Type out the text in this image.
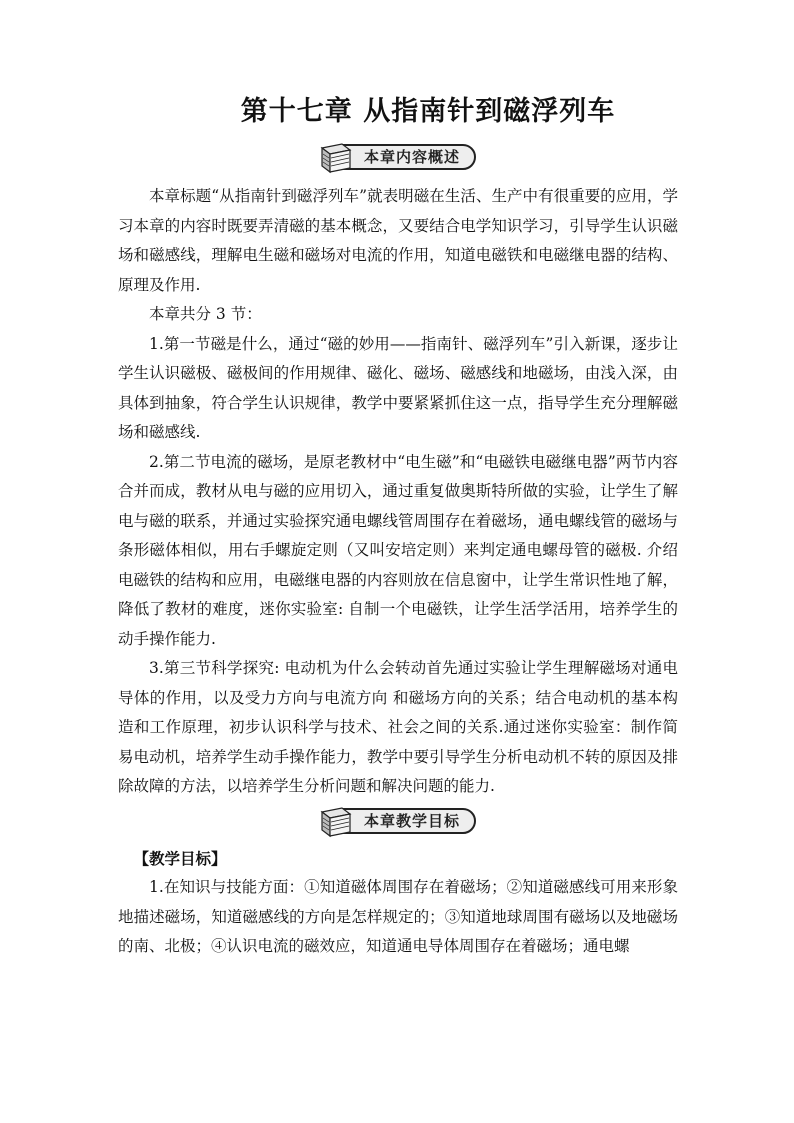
第十七章 从指南针到磁浮列车
本章内容概述

本章标题“从指南针到磁浮列车”就表明磁在生活、生产中有很重要的应用，学习本章的内容时既要弄清磁的基本概念，又要结合电学知识学习，引导学生认识磁场和磁感线，理解电生磁和磁场对电流的作用，知道电磁铁和电磁继电器的结构、原理及作用.

本章共分 3 节：

1.第一节磁是什么，通过“磁的妙用——指南针、磁浮列车”引入新课，逐步让学生认识磁极、磁极间的作用规律、磁化、磁场、磁感线和地磁场，由浅入深，由具体到抽象，符合学生认识规律，教学中要紧紧抓住这一点，指导学生充分理解磁场和磁感线.

2.第二节电流的磁场，是原老教材中“电生磁”和“电磁铁电磁继电器”两节内容合并而成，教材从电与磁的应用切入，通过重复做奥斯特所做的实验，让学生了解电与磁的联系，并通过实验探究通电螺线管周围存在着磁场，通电螺线管的磁场与条形磁体相似，用右手螺旋定则（又叫安培定则）来判定通电螺母管的磁极. 介绍电磁铁的结构和应用，电磁继电器的内容则放在信息窗中，让学生常识性地了解，降低了教材的难度，迷你实验室: 自制一个电磁铁，让学生活学活用，培养学生的动手操作能力.

3.第三节科学探究: 电动机为什么会转动首先通过实验让学生理解磁场对通电导体的作用，以及受力方向与电流方向 和磁场方向的关系；结合电动机的基本构造和工作原理，初步认识科学与技术、社会之间的关系.通过迷你实验室：制作简 易电动机，培养学生动手操作能力，教学中要引导学生分析电动机不转的原因及排除故障的方法，以培养学生分析问题和解决问题的能力.

本章教学目标

【教学目标】

1.在知识与技能方面：①知道磁体周围存在着磁场；②知道磁感线可用来形象地描述磁场，知道磁感线的方向是怎样规定的；③知道地球周围有磁场以及地磁场的南、北极；④认识电流的磁效应，知道通电导体周围存在着磁场；通电螺
